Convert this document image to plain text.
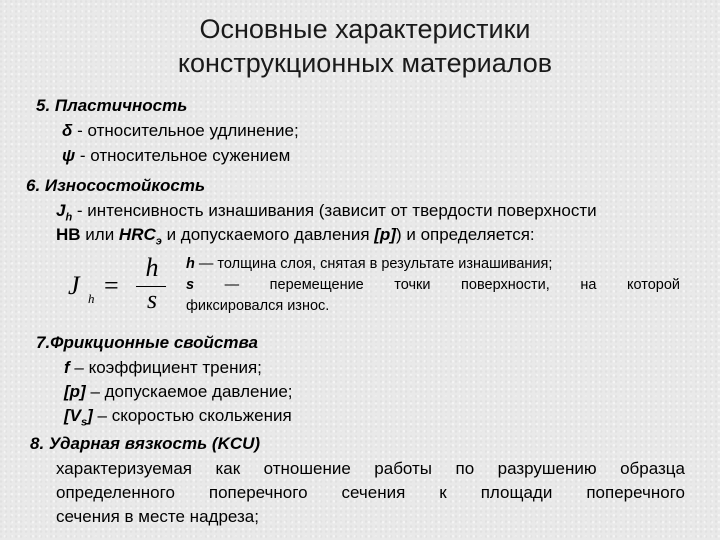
Основные характеристики
конструкционных материалов
5. Пластичность
δ - относительное удлинение;
ψ - относительное сужением
6. Износостойкость
$J_h$ - интенсивность изнашивания (зависит от твердости поверхности
HB или $HRC_э$ и допускаемого давления [p]) и определяется:
J h =
h
s
h — толщина слоя, снятая в результате изнашивания;
s — перемещение точки поверхности, на которой
фиксировался износ.
7.Фрикционные свойства
f – коэффициент трения;
[p] – допускаемое давление;
$[V_s]$ – скоростью скольжения
8. Ударная вязкость (KCU)
характеризуемая как отношение работы по разрушению образца
определенного поперечного сечения к площади поперечного
сечения в месте надреза;
